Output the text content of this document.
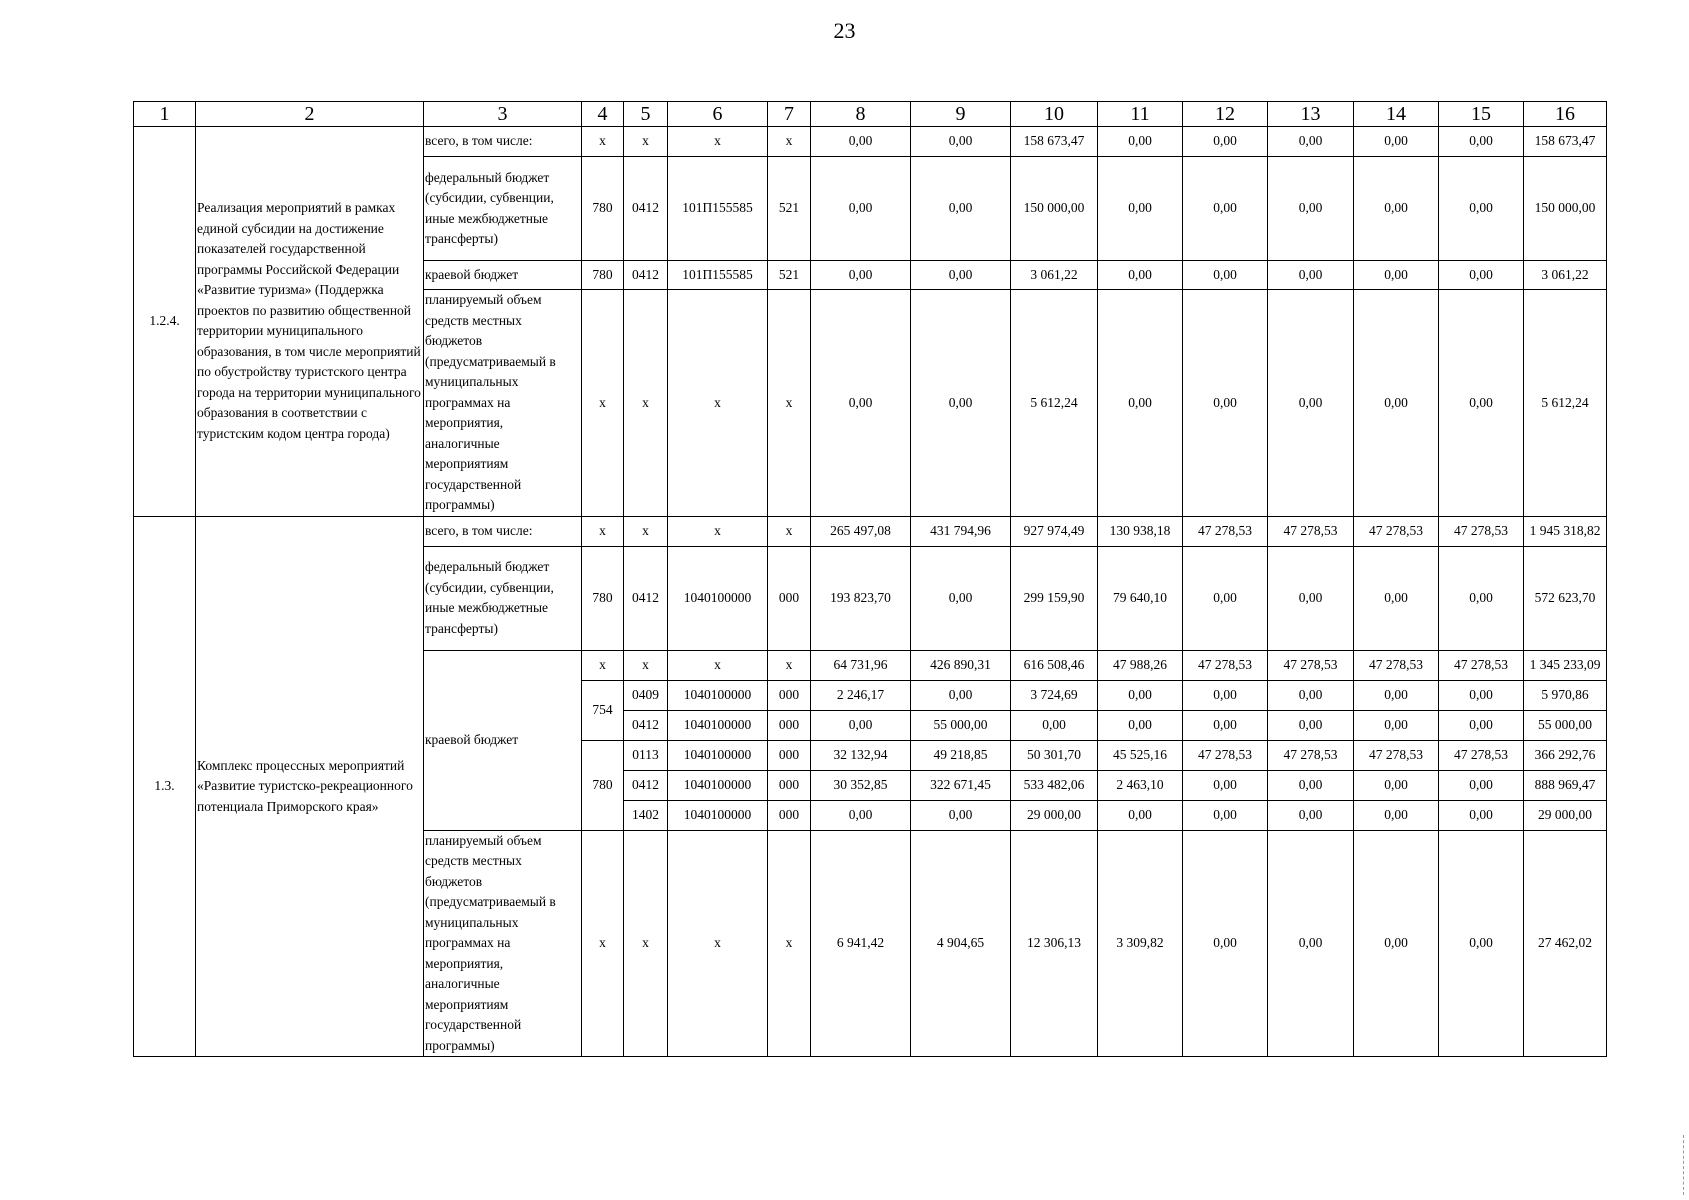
23
1	2	3	4	5	6	7	8	9	10	11	12	13	14	15	16
1.2.4.	Реализация мероприятий в рамках единой субсидии на достижение показателей государственной программы Российской Федерации «Развитие туризма» (Поддержка проектов по развитию общественной территории муниципального образования, в том числе мероприятий по обустройству туристского центра города на территории муниципального образования в соответствии с туристским кодом центра города)	всего, в том числе:	x	x	x	x	0,00	0,00	158 673,47	0,00	0,00	0,00	0,00	0,00	158 673,47
		федеральный бюджет (субсидии, субвенции, иные межбюджетные трансферты)	780	0412	101П155585	521	0,00	0,00	150 000,00	0,00	0,00	0,00	0,00	0,00	150 000,00
		краевой бюджет	780	0412	101П155585	521	0,00	0,00	3 061,22	0,00	0,00	0,00	0,00	0,00	3 061,22
		планируемый объем средств местных бюджетов (предусматриваемый в муниципальных программах на мероприятия, аналогичные мероприятиям государственной программы)	x	x	x	x	0,00	0,00	5 612,24	0,00	0,00	0,00	0,00	0,00	5 612,24
1.3.	Комплекс процессных мероприятий «Развитие туристско-рекреационного потенциала Приморского края»	всего, в том числе:	x	x	x	x	265 497,08	431 794,96	927 974,49	130 938,18	47 278,53	47 278,53	47 278,53	47 278,53	1 945 318,82
		федеральный бюджет (субсидии, субвенции, иные межбюджетные трансферты)	780	0412	1040100000	000	193 823,70	0,00	299 159,90	79 640,10	0,00	0,00	0,00	0,00	572 623,70
		краевой бюджет	x	x	x	x	64 731,96	426 890,31	616 508,46	47 988,26	47 278,53	47 278,53	47 278,53	47 278,53	1 345 233,09
			754	0409	1040100000	000	2 246,17	0,00	3 724,69	0,00	0,00	0,00	0,00	0,00	5 970,86
				0412	1040100000	000	0,00	55 000,00	0,00	0,00	0,00	0,00	0,00	0,00	55 000,00
			780	0113	1040100000	000	32 132,94	49 218,85	50 301,70	45 525,16	47 278,53	47 278,53	47 278,53	47 278,53	366 292,76
				0412	1040100000	000	30 352,85	322 671,45	533 482,06	2 463,10	0,00	0,00	0,00	0,00	888 969,47
				1402	1040100000	000	0,00	0,00	29 000,00	0,00	0,00	0,00	0,00	0,00	29 000,00
		планируемый объем средств местных бюджетов (предусматриваемый в муниципальных программах на мероприятия, аналогичные мероприятиям государственной программы)	x	x	x	x	6 941,42	4 904,65	12 306,13	3 309,82	0,00	0,00	0,00	0,00	27 462,02
